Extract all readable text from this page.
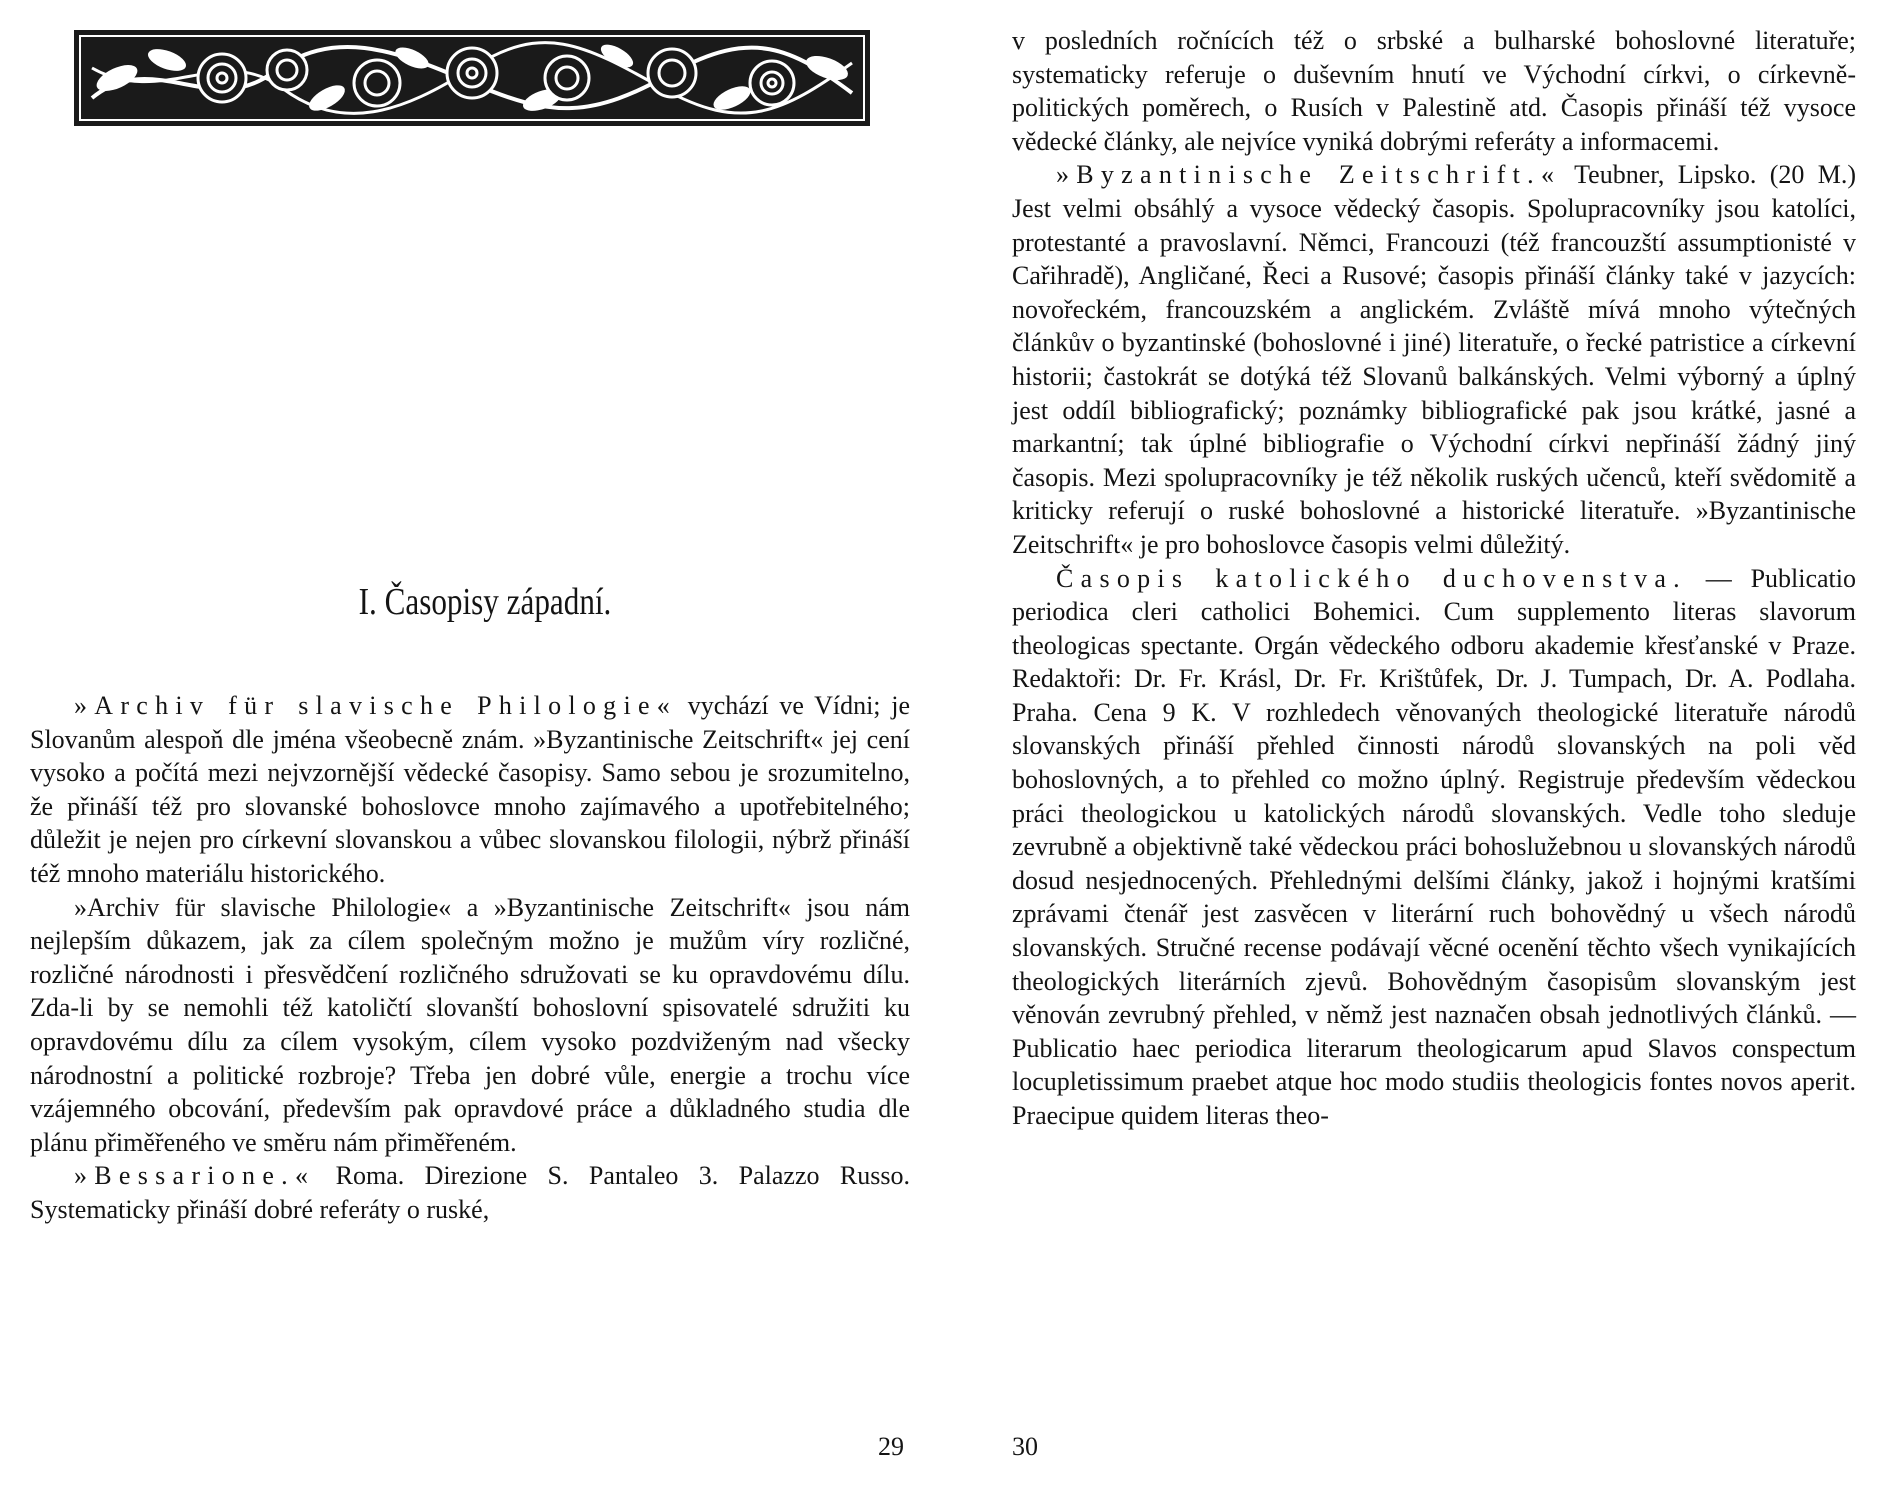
I. Časopisy západní.

»Archiv für slavische Philologie« vychází ve Vídni; je Slovanům alespoň dle jména všeobecně znám. »Byzantinische Zeitschrift« jej cení vysoko a počítá mezi nejvzornější vědecké časopisy. Samo sebou je srozumitelno, že přináší též pro slovanské bohoslovce mnoho zajímavého a upotřebitelného; důležit je nejen pro církevní slovanskou a vůbec slovanskou filologii, nýbrž přináší též mnoho materiálu historického.

»Archiv für slavische Philologie« a »Byzantinische Zeitschrift« jsou nám nejlepším důkazem, jak za cílem společným možno je mužům víry rozličné, rozličné národnosti i přesvědčení rozličného sdružovati se ku opravdovému dílu. Zda-li by se nemohli též katoličtí slovanští bohoslovní spisovatelé sdružiti ku opravdovému dílu za cílem vysokým, cílem vysoko pozdviženým nad všecky národnostní a politické rozbroje? Třeba jen dobré vůle, energie a trochu více vzájemného obcování, především pak opravdové práce a důkladného studia dle plánu přiměřeného ve směru nám přiměřeném.

»Bessarione.« Roma. Direzione S. Pantaleo 3. Palazzo Russo. Systematicky přináší dobré referáty o ruské,

29

v posledních ročnících též o srbské a bulharské bohoslovné literatuře; systematicky referuje o duševním hnutí ve Východní církvi, o církevně-politických poměrech, o Rusích v Palestině atd. Časopis přináší též vysoce vědecké články, ale nejvíce vyniká dobrými referáty a informacemi.

»Byzantinische Zeitschrift.« Teubner, Lipsko. (20 M.) Jest velmi obsáhlý a vysoce vědecký časopis. Spolupracovníky jsou katolíci, protestanté a pravoslavní. Němci, Francouzi (též francouzští assumptionisté v Cařihradě), Angličané, Řeci a Rusové; časopis přináší články také v jazycích: novořeckém, francouzském a anglickém. Zvláště mívá mnoho výtečných článkův o byzantinské (bohoslovné i jiné) literatuře, o řecké patristice a církevní historii; častokrát se dotýká též Slovanů balkánských. Velmi výborný a úplný jest oddíl bibliografický; poznámky bibliografické pak jsou krátké, jasné a markantní; tak úplné bibliografie o Východní církvi nepřináší žádný jiný časopis. Mezi spolupracovníky je též několik ruských učenců, kteří svědomitě a kriticky referují o ruské bohoslovné a historické literatuře. »Byzantinische Zeitschrift« je pro bohoslovce časopis velmi důležitý.

Časopis katolického duchovenstva. — Publicatio periodica cleri catholici Bohemici. Cum supplemento literas slavorum theologicas spectante. Orgán vědeckého odboru akademie křesťanské v Praze. Redaktoři: Dr. Fr. Krásl, Dr. Fr. Krištůfek, Dr. J. Tumpach, Dr. A. Podlaha. Praha. Cena 9 K. V rozhledech věnovaných theologické literatuře národů slovanských přináší přehled činnosti národů slovanských na poli věd bohoslovných, a to přehled co možno úplný. Registruje především vědeckou práci theologickou u katolických národů slovanských. Vedle toho sleduje zevrubně a objektivně také vědeckou práci bohoslužebnou u slovanských národů dosud nesjednocených. Přehlednými delšími články, jakož i hojnými kratšími zprávami čtenář jest zasvěcen v literární ruch bohovědný u všech národů slovanských. Stručné recense podávají věcné ocenění těchto všech vynikajících theologických literárních zjevů. Bohovědným časopisům slovanským jest věnován zevrubný přehled, v němž jest naznačen obsah jednotlivých článků. — Publicatio haec periodica literarum theologicarum apud Slavos conspectum locupletissimum praebet atque hoc modo studiis theologicis fontes novos aperit. Praecipue quidem literas theo-

30
